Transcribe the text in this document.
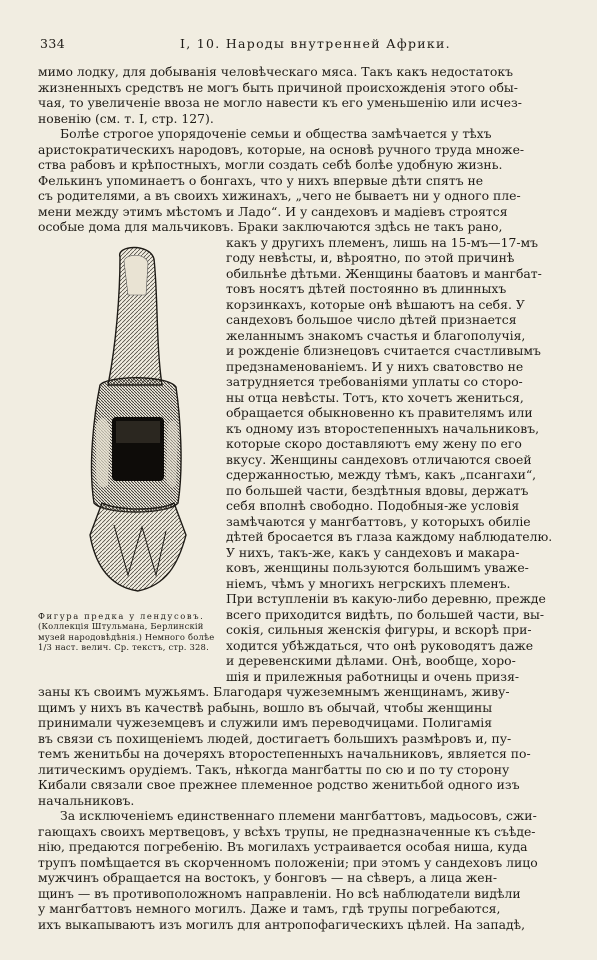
334	I, 10. Народы внутренней Африки.
мимо лодку, для добыванія человѣческаго мяса. Такъ какъ недостатокъ
жизненныхъ средствъ не могъ быть причиной происхожденія этого обы-
чая, то увеличеніе ввоза не могло навести къ его уменьшенію или исчез-
новенію (см. т. I, стр. 127).
Болѣе строгое упорядоченіе семьи и общества замѣчается у тѣхъ
аристократическихъ народовъ, которые, на основѣ ручного труда множе-
ства рабовъ и крѣпостныхъ, могли создать себѣ болѣе удобную жизнь.
Фелькинъ упоминаетъ о бонгахъ, что у нихъ впервые дѣти спятъ не
съ родителями, а въ своихъ хижинахъ, „чего не бываетъ ни у одного пле-
мени между этимъ мѣстомъ и Ладо“. И у сандеховъ и мадіевъ строятся
особые дома для мальчиковъ. Браки заключаются здѣсь не такъ рано,
Фигура предка у лендусовъ.
(Коллекція Штульмана, Берлинскій
музей народовѣдѣнія.) Немного болѣе
1/3 наст. велич. Ср. текстъ, стр. 328.
какъ у другихъ племенъ, лишь на 15-мъ—17-мъ
году невѣсты, и, вѣроятно, по этой причинѣ
обильнѣе дѣтьми. Женщины баатовъ и мангбат-
товъ носятъ дѣтей постоянно въ длинныхъ
корзинкахъ, которые онѣ вѣшаютъ на себя. У
сандеховъ большое число дѣтей признается
желаннымъ знакомъ счастья и благополучія,
и рожденіе близнецовъ считается счастливымъ
предзнаменованіемъ. И у нихъ сватовство не
затрудняется требованіями уплаты со сторо-
ны отца невѣсты. Тотъ, кто хочетъ жениться,
обращается обыкновенно къ правителямъ или
къ одному изъ второстепенныхъ начальниковъ,
которые скоро доставляютъ ему жену по его
вкусу. Женщины сандеховъ отличаются своей
сдержанностью, между тѣмъ, какъ „псангахи“,
по большей части, бездѣтныя вдовы, держатъ
себя вполнѣ свободно. Подобныя-же условія
замѣчаются у мангбаттовъ, у которыхъ обиліе
дѣтей бросается въ глаза каждому наблюдателю.
У нихъ, такъ-же, какъ у сандеховъ и макара-
ковъ, женщины пользуются большимъ уваже-
ніемъ, чѣмъ у многихъ негрскихъ племенъ.
При вступленіи въ какую-либо деревню, прежде
всего приходится видѣть, по большей части, вы-
сокія, сильныя женскія фигуры, и вскорѣ при-
ходится убѣждаться, что онѣ руководятъ даже
и деревенскими дѣлами. Онѣ, вообще, хоро-
шія и прилежныя работницы и очень призя-
заны къ своимъ мужьямъ. Благодаря чужеземнымъ женщинамъ, живу-
щимъ у нихъ въ качествѣ рабынь, вошло въ обычай, чтобы женщины
принимали чужеземцевъ и служили имъ переводчицами. Полигамія
въ связи съ похищеніемъ людей, достигаетъ большихъ размѣровъ и, пу-
темъ женитьбы на дочеряхъ второстепенныхъ начальниковъ, является по-
литическимъ орудіемъ. Такъ, нѣкогда мангбатты по сю и по ту сторону
Кибали связали свое прежнее племенное родство женитьбой одного изъ
начальниковъ.
За исключеніемъ единственнаго племени мангбаттовъ, мадьосовъ, сжи-
гающахъ своихъ мертвецовъ, у всѣхъ трупы, не предназначенные къ съѣде-
нію, предаются погребенію. Въ могилахъ устраивается особая ниша, куда
трупъ помѣщается въ скорченномъ положеніи; при этомъ у сандеховъ лицо
мужчинъ обращается на востокъ, у бонговъ — на сѣверъ, а лица жен-
щинъ — въ противоположномъ направленіи. Но всѣ наблюдатели видѣли
у мангбаттовъ немного могилъ. Даже и тамъ, гдѣ трупы погребаются,
ихъ выкапываютъ изъ могилъ для антропофагическихъ цѣлей. На западѣ,
